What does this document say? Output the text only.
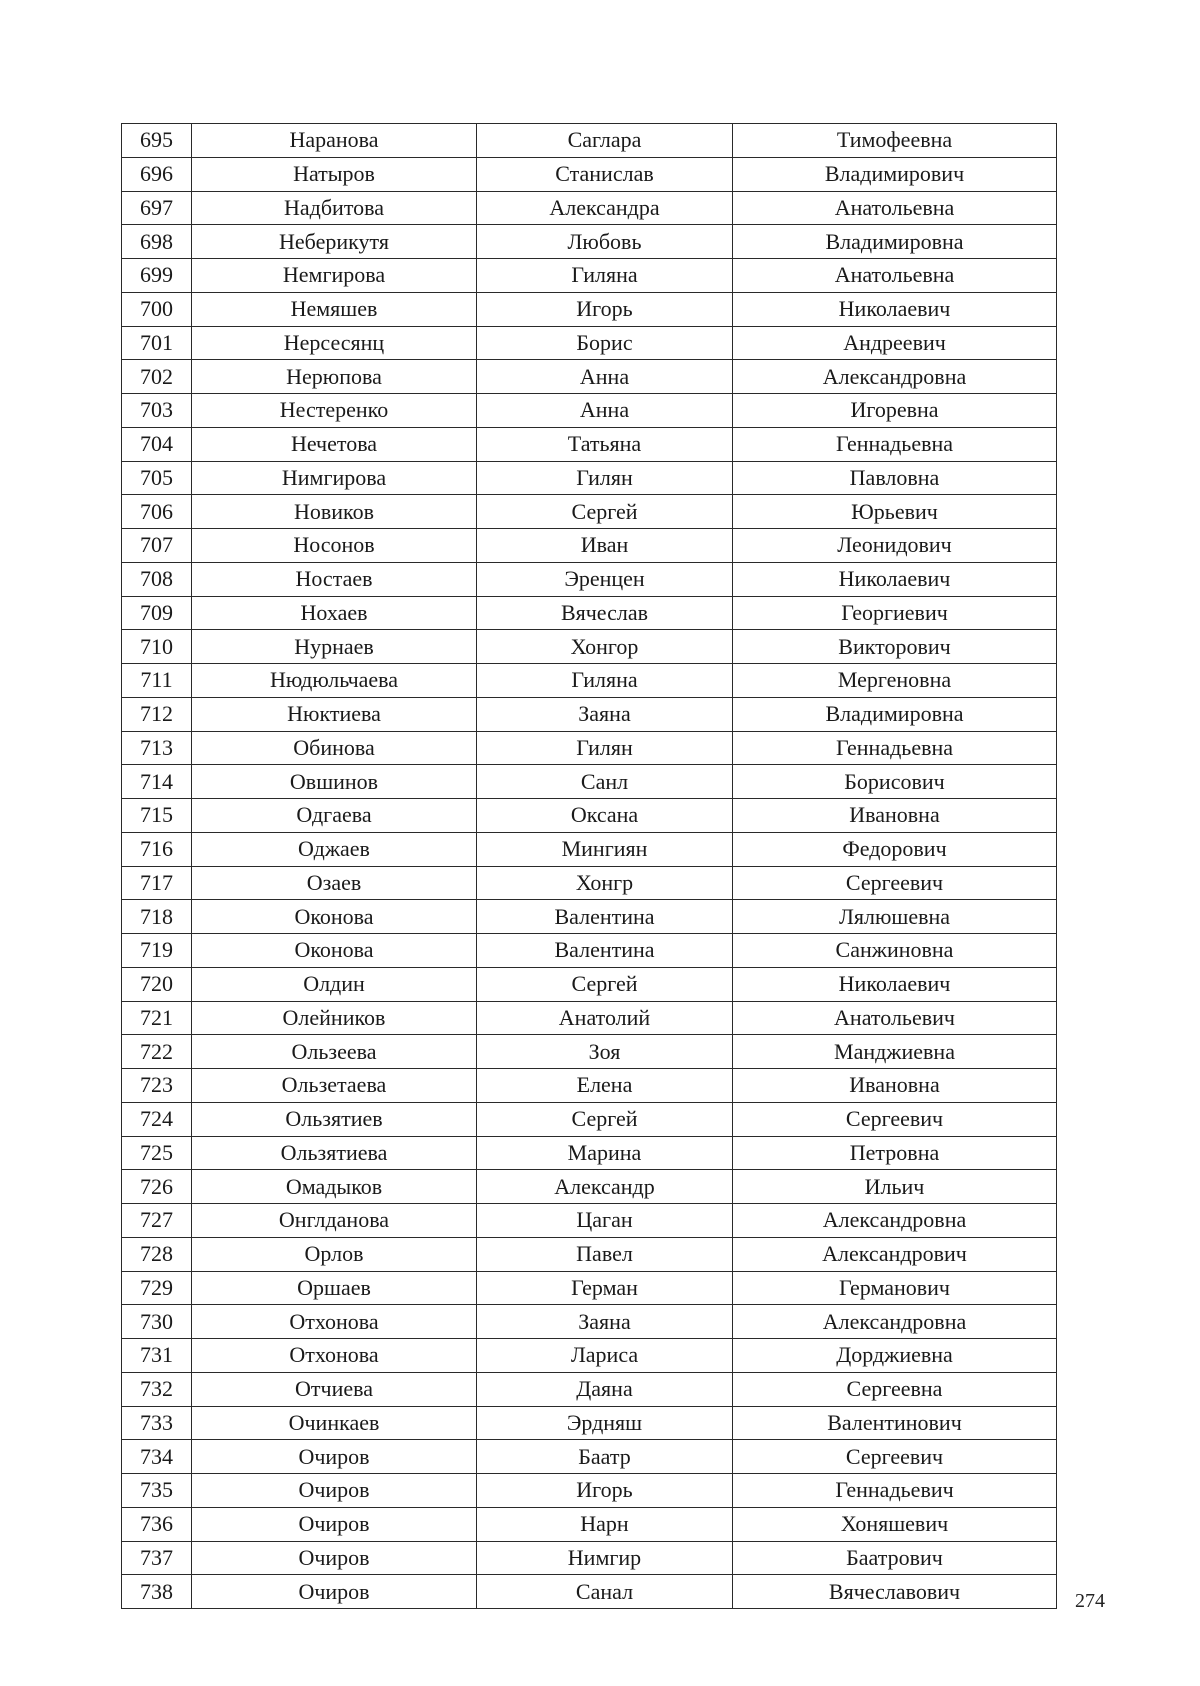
695	Наранова	Саглара	Тимофеевна
696	Натыров	Станислав	Владимирович
697	Надбитова	Александра	Анатольевна
698	Неберикутя	Любовь	Владимировна
699	Немгирова	Гиляна	Анатольевна
700	Немяшев	Игорь	Николаевич
701	Нерсесянц	Борис	Андреевич
702	Нерюпова	Анна	Александровна
703	Нестеренко	Анна	Игоревна
704	Нечетова	Татьяна	Геннадьевна
705	Нимгирова	Гилян	Павловна
706	Новиков	Сергей	Юрьевич
707	Носонов	Иван	Леонидович
708	Ностаев	Эренцен	Николаевич
709	Нохаев	Вячеслав	Георгиевич
710	Нурнаев	Хонгор	Викторович
711	Нюдюльчаева	Гиляна	Мергеновна
712	Нюктиева	Заяна	Владимировна
713	Обинова	Гилян	Геннадьевна
714	Овшинов	Санл	Борисович
715	Одгаева	Оксана	Ивановна
716	Оджаев	Мингиян	Федорович
717	Озаев	Хонгр	Сергеевич
718	Оконова	Валентина	Лялюшевна
719	Оконова	Валентина	Санжиновна
720	Олдин	Сергей	Николаевич
721	Олейников	Анатолий	Анатольевич
722	Ользеева	Зоя	Манджиевна
723	Ользетаева	Елена	Ивановна
724	Ользятиев	Сергей	Сергеевич
725	Ользятиева	Марина	Петровна
726	Омадыков	Александр	Ильич
727	Онглданова	Цаган	Александровна
728	Орлов	Павел	Александрович
729	Оршаев	Герман	Германович
730	Отхонова	Заяна	Александровна
731	Отхонова	Лариса	Дорджиевна
732	Отчиева	Даяна	Сергеевна
733	Очинкаев	Эрдняш	Валентинович
734	Очиров	Баатр	Сергеевич
735	Очиров	Игорь	Геннадьевич
736	Очиров	Нарн	Хоняшевич
737	Очиров	Нимгир	Баатрович
738	Очиров	Санал	Вячеславович	274
